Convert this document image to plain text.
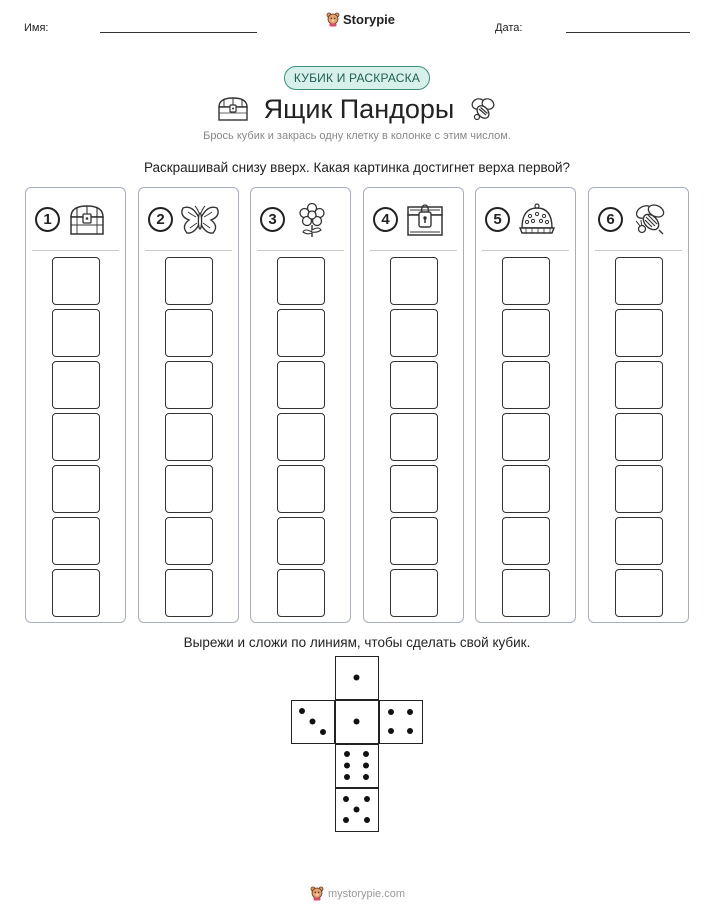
Имя:
Storypie
Дата:
КУБИК И РАСКРАСКА
Ящик Пандоры
Брось кубик и закрась одну клетку в колонке с этим числом.
Раскрашивай снизу вверх. Какая картинка достигнет верха первой?
1	2	3	4	5	6
Вырежи и сложи по линиям, чтобы сделать свой кубик.
mystorypie.com
